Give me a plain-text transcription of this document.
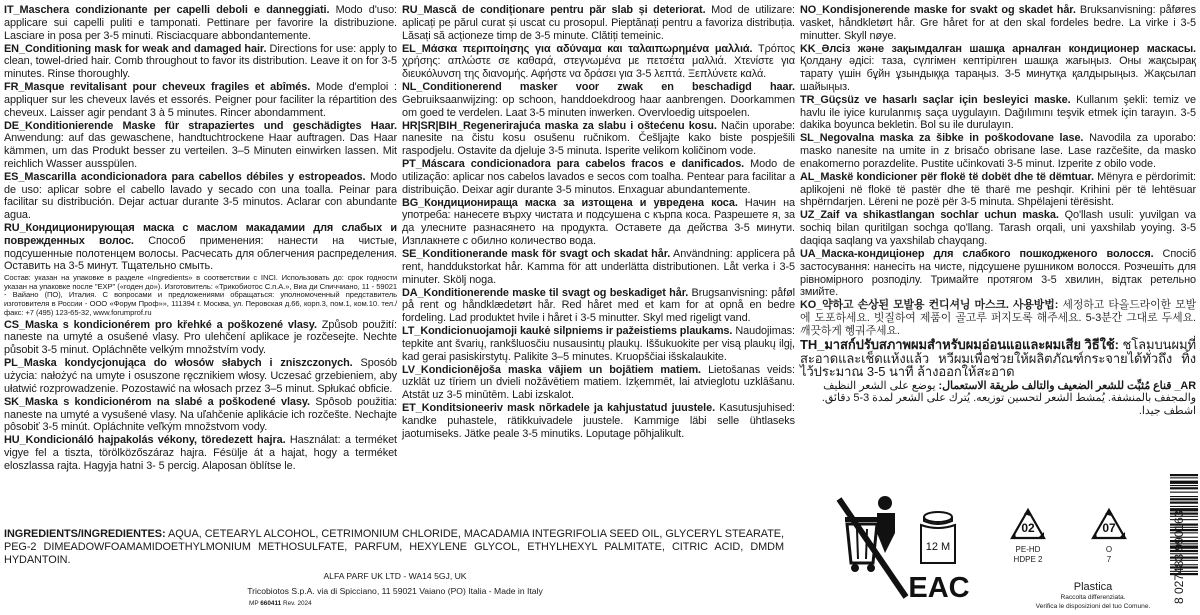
IT_Maschera condizionante per capelli deboli e danneggiati. Modo d'uso: applicare sui capelli puliti e tamponati. Pettinare per favorire la distribuzione. Lasciare in posa per 3-5 minuti. Risciacquare abbondantemente.

EN_Conditioning mask for weak and damaged hair. Directions for use: apply to clean, towel-dried hair. Comb throughout to favor its distribution. Leave it on for 3-5 minutes. Rinse thoroughly.

FR_Masque revitalisant pour cheveux fragiles et abîmés. Mode d'emploi : appliquer sur les cheveux lavés et essorés. Peigner pour faciliter la répartition des cheveux. Laisser agir pendant 3 à 5 minutes. Rincer abondamment.

DE_Konditionierende Maske für strapaziertes und geschädigtes Haar. Anwendung: auf das gewaschene, handtuchtrockene Haar auftragen. Das Haar kämmen, um das Produkt besser zu verteilen. 3–5 Minuten einwirken lassen. Mit reichlich Wasser ausspülen.

ES_Mascarilla acondicionadora para cabellos débiles y estropeados. Modo de uso: aplicar sobre el cabello lavado y secado con una toalla. Peinar para facilitar su distribución. Dejar actuar durante 3-5 minutos. Aclarar con abundante agua.

RU_Кондиционирующая маска с маслом макадамии для слабых и поврежденных волос. Способ применения: нанести на чистые, подсушенные полотенцем волосы. Расчесать для облегчения распределения. Оставить на 3-5 минут. Тщательно смыть.

Состав: указан на упаковке в разделе «Ingredients» в соответствии с INCI. Использовать до: срок годности указан на упаковке после "EXP" («годен до»). Изготовитель: «Трикобиотос С.п.А.», Виа ди Спиччиано, 11 - 59021 - Вайано (ПО), Италия. С вопросами и предложениями обращаться: уполномоченный представитель изготовителя в России - ООО «Форум Проф»», 111394 г. Москва, ул. Перовская д.66, корп.3, пом.1, ком.10. тел./факс: +7 (495) 123-65-32, www.forumprof.ru

CS_Maska s kondicionérem pro křehké a poškozené vlasy. Způsob použití: naneste na umyté a osušené vlasy. Pro ulehčení aplikace je rozčesejte. Nechte působit 3-5 minut. Opláchněte velkým množstvím vody.

PL_Maska kondycjonująca do włosów słabych i zniszczonych. Sposób użycia: nałożyć na umyte i osuszone ręcznikiem włosy. Uczesać grzebieniem, aby ułatwić rozprowadzenie. Pozostawić na włosach przez 3–5 minut. Spłukać obficie.

SK_Maska s kondicionérom na slabé a poškodené vlasy. Spôsob použitia: naneste na umyté a vysušené vlasy. Na uľahčenie aplikácie ich rozčešte. Nechajte pôsobiť 3-5 minút. Opláchnite veľkým množstvom vody.

HU_Kondicionáló hajpakolás vékony, töredezett hajra. Használat: a terméket vigye fel a tiszta, törölközőszáraz hajra. Fésülje át a hajat, hogy a terméket eloszlassa rajta. Hagyja hatni 3- 5 percig. Alaposan öblítse le.

RU_Mască de condiționare pentru păr slab și deteriorat. Mod de utilizare: aplicați pe părul curat și uscat cu prosopul. Pieptănați pentru a favoriza distribuția. Lăsați să acționeze timp de 3-5 minute. Clătiți temeinic.

EL_Μάσκα περιποίησης για αδύναμα και ταλαιπωρημένα μαλλιά. Τρόπος χρήσης: απλώστε σε καθαρά, στεγνωμένα με πετσέτα μαλλιά. Χτενίστε για διευκόλυνση της διανομής. Αφήστε να δράσει για 3-5 λεπτά. Ξεπλύνετε καλά.

NL_Conditionerend masker voor zwak en beschadigd haar. Gebruiksaanwijzing: op schoon, handdoekdroog haar aanbrengen. Doorkammen om goed te verdelen. Laat 3-5 minuten inwerken. Overvloedig uitspoelen.

HR|SR|BIH_Regenerirajuća maska za slabu i oštećenu kosu. Način uporabe: nanesite na čistu kosu osušenu ručnikom. Češljajte kako biste pospješili raspodjelu. Ostavite da djeluje 3-5 minuta. Isperite velikom količinom vode.

PT_Máscara condicionadora para cabelos fracos e danificados. Modo de utilização: aplicar nos cabelos lavados e secos com toalha. Pentear para facilitar a distribuição. Deixar agir durante 3-5 minutos. Enxaguar abundantemente.

BG_Кондициониращa маска за изтощена и увредена коса. Начин на употреба: нанесете върху чистата и подсушена с кърпа коса. Разрешете я, за да улесните разнасянето на продукта. Оставете да действа 3-5 минути. Изплакнете с обилно количество вода.

SE_Konditionerande mask för svagt och skadat hår. Användning: applicera på rent, handdukstorkat hår. Kamma för att underlätta distributionen. Låt verka i 3-5 minuter. Skölj noga.

DA_Konditionerende maske til svagt og beskadiget hår. Brugsanvisning: påføl på rent og håndklædetørt hår. Red håret med et kam for at opnå en bedre fordeling. Lad produktet hvile i håret i 3-5 minutter. Skyl med rigeligt vand.

LT_Kondicionuojamoji kaukė silpniems ir pažeistiems plaukams. Naudojimas: tepkite ant švarių, rankšluosčiu nusausintų plaukų. Iššukuokite per visą plaukų ilgį, kad gerai pasiskirstytų. Palikite 3–5 minutes. Kruopščiai išskalaukite.

LV_Kondicionējoša maska vājiem un bojātiem matiem. Lietošanas veids: uzklāt uz tīriem un dvieli nožāvētiem matiem. Izķemmēt, lai atvieglotu uzklāšanu. Atstāt uz 3-5 minūtēm. Labi izskalot.

ET_Konditsioneeriv mask nõrkadele ja kahjustatud juustele. Kasutusjuhised: kandke puhastele, rätikkuivadele juustele. Kammige läbi selle ühtlaseks jaotumiseks. Jätke peale 3-5 minutiks. Loputage põhjalikult.

NO_Kondisjonerende maske for svakt og skadet hår. Bruksanvisning: påføres vasket, håndkletørt hår. Gre håret for at den skal fordeles bedre. La virke i 3-5 minutter. Skyll nøye.

KK_Әлсіз және зақымдалған шашқа арналған кондиционер маскасы. Қолдану әдісі: таза, сүлгімен кептірілген шашқа жағыңыз. Оны жақсырақ тарату үшін бұйн ұзындыққа тараңыз. 3-5 минутқа қалдырыңыз. Жақсылап шайыңыз.

TR_Güçsüz ve hasarlı saçlar için besleyici maske. Kullanım şekli: temiz ve havlu ile iyice kurulanmış saça uygulayın. Dağılımını teşvik etmek için tarayın. 3-5 dakika boyunca bekletin. Bol su ile durulayın.

SL_Negovalna maska za šibke in poškodovane lase. Navodila za uporabo: masko nanesite na umite in z brisačo obrisane lase. Lase razčešite, da masko enakomerno porazdelite. Pustite učinkovati 3-5 minut. Izperite z obilo vode.

AL_Maskë kondicioner për flokë të dobët dhe të dëmtuar. Mënyra e përdorimit: aplikojeni në flokë të pastër dhe të tharë me peshqir. Krihini për të lehtësuar shpërndarjen. Lëreni ne pozë për 3-5 minuta. Shpëlajeni tërësisht.

UZ_Zaif va shikastlangan sochlar uchun maska. Qo'llash usuli: yuvilgan va sochiq bilan quritilgan sochga qo'llang. Tarash orqali, uni yaxshilab yoying. 3-5 daqiqa saqlang va yaxshilab chayqang.

UA_Маска-кондиціонер для слабкого пошкодженого волосся. Спосіб застосування: нанесіть на чисте, підсушене рушником волосся. Розчешіть для рівномірного розподілу. Тримайте протягом 3-5 хвилин, відтак ретельно змийте.

KO_약하고 손상된 모발용 컨디셔닝 마스크. 사용방법: 세정하고 타올드라이한 모발에 도포하세요. 빗질하여 제품이 골고루 퍼지도록 해주세요. 5-3분간 그대로 두세요. 깨끗하게 헹궈주세요.

TH_มาสก์ปรับสภาพผมสำหรับผมอ่อนแอและผมเสีย วิธีใช้: ชโลมบนผมที่สะอาดและเช็ดแห้งแล้ว หวีผมเพื่อช่วยให้ผลิตภัณฑ์กระจายได้ทั่วถึง ทิ้งไว้ประมาณ 3-5 นาที ล้างออกให้สะอาด

AR_ قناع مُثبِّت للشعر الضعيف والتالف طريقة الاستعمال: يوضع على الشعر النظيف والمجفف بالمنشفة. يُمشط الشعر لتحسين توزيعه. يُترك على الشعر لمدة 3-5 دقائق. اشطف جيدا.

INGREDIENTS/INGREDIENTES: AQUA, CETEARYL ALCOHOL, CETRIMONIUM CHLORIDE, MACADAMIA INTEGRIFOLIA SEED OIL, GLYCERYL STEARATE, PEG-2 DIMEADOWFOAMAMIDOETHYLMONIUM METHOSULFATE, PARFUM, HEXYLENE GLYCOL, ETHYLHEXYL PALMITATE, CITRIC ACID, DMDM HYDANTOIN.
ALFA PARF UK LTD - WA14 5GJ, UK
Tricobiotos S.p.A. via di Spicciano, 11 59021 Vaiano (PO) Italia - Made in Italy
MP 660411 Rev. 2024
12 M
EAC
02
PE-HD
HDPE 2
07
O
7
Plastica
Raccolta differenziata.
Verifica le disposizioni del tuo Comune.
8 027483 990163
